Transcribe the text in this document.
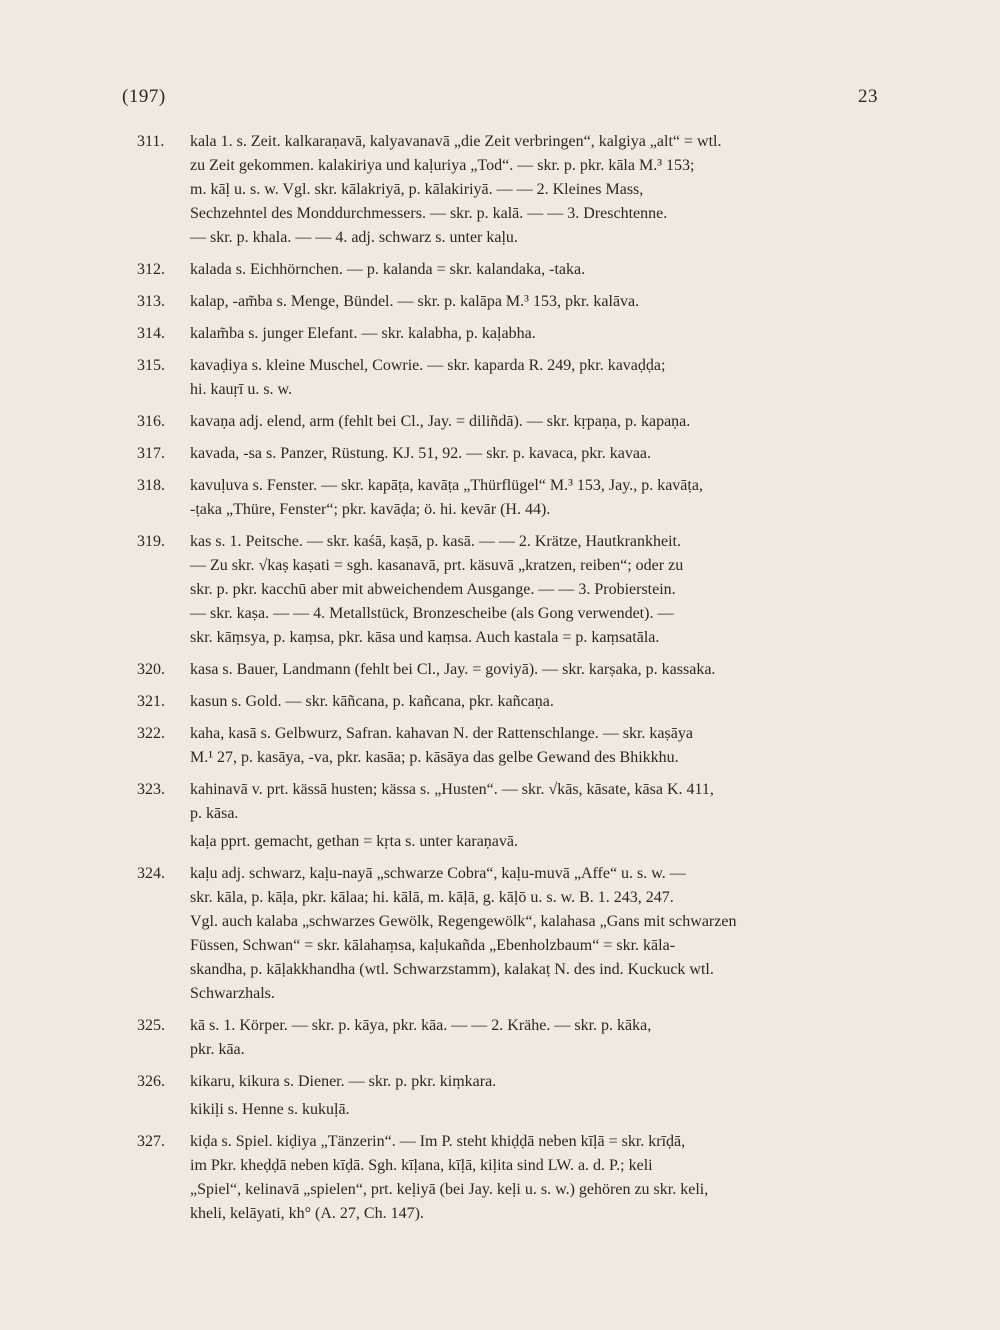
(197)	23
311.	kala 1. s. Zeit. kalkaraṇavā, kalyavanavā „die Zeit verbringen“, kalgiya „alt“ = wtl.
zu Zeit gekommen. kalakiriya und kaḷuriya „Tod“. — skr. p. pkr. kāla M.³ 153;
m. kāḷ u. s. w. Vgl. skr. kālakriyā, p. kālakiriyā. — — 2. Kleines Mass,
Sechzehntel des Monddurchmessers. — skr. p. kalā. — — 3. Dreschtenne.
— skr. p. khala. — — 4. adj. schwarz s. unter kaḷu.
312.	kalada s. Eichhörnchen. — p. kalanda = skr. kalandaka, -taka.
313.	kalap, -am̃ba s. Menge, Bündel. — skr. p. kalāpa M.³ 153, pkr. kalāva.
314.	kalam̃ba s. junger Elefant. — skr. kalabha, p. kaḷabha.
315.	kavaḍiya s. kleine Muschel, Cowrie. — skr. kaparda R. 249, pkr. kavaḍḍa;
hi. kauṛī u. s. w.
316.	kavaṇa adj. elend, arm (fehlt bei Cl., Jay. = diliñdā). — skr. kṛpaṇa, p. kapaṇa.
317.	kavada, -sa s. Panzer, Rüstung. KJ. 51, 92. — skr. p. kavaca, pkr. kavaa.
318.	kavuḷuva s. Fenster. — skr. kapāṭa, kavāṭa „Thürflügel“ M.³ 153, Jay., p. kavāṭa,
-ṭaka „Thüre, Fenster“; pkr. kavāḍa; ö. hi. kevār (H. 44).
319.	kas s. 1. Peitsche. — skr. kaśā, kaṣā, p. kasā. — — 2. Krätze, Hautkrankheit.
— Zu skr. √kaṣ kaṣati = sgh. kasanavā, prt. käsuvā „kratzen, reiben“; oder zu
skr. p. pkr. kacchū aber mit abweichendem Ausgange. — — 3. Probierstein.
— skr. kaṣa. — — 4. Metallstück, Bronzescheibe (als Gong verwendet). —
skr. kāṃsya, p. kaṃsa, pkr. kāsa und kaṃsa. Auch kastala = p. kaṃsatāla.
320.	kasa s. Bauer, Landmann (fehlt bei Cl., Jay. = goviyā). — skr. karṣaka, p. kassaka.
321.	kasun s. Gold. — skr. kāñcana, p. kañcana, pkr. kañcaṇa.
322.	kaha, kasā s. Gelbwurz, Safran. kahavan N. der Rattenschlange. — skr. kaṣāya
M.¹ 27, p. kasāya, -va, pkr. kasāa; p. kāsāya das gelbe Gewand des Bhikkhu.
323.	kahinavā v. prt. kässā husten; kässa s. „Husten“. — skr. √kās, kāsate, kāsa K. 411,
p. kāsa.
kaḷa pprt. gemacht, gethan = kṛta s. unter karaṇavā.
324.	kaḷu adj. schwarz, kaḷu-nayā „schwarze Cobra“, kaḷu-muvā „Affe“ u. s. w. —
skr. kāla, p. kāḷa, pkr. kālaa; hi. kālā, m. kāḷā, g. kāḷō u. s. w. B. 1. 243, 247.
Vgl. auch kalaba „schwarzes Gewölk, Regengewölk“, kalahasa „Gans mit schwarzen
Füssen, Schwan“ = skr. kālahaṃsa, kaḷukañda „Ebenholzbaum“ = skr. kāla-
skandha, p. kāḷakkhandha (wtl. Schwarzstamm), kalakaṭ N. des ind. Kuckuck wtl.
Schwarzhals.
325.	kā s. 1. Körper. — skr. p. kāya, pkr. kāa. — — 2. Krähe. — skr. p. kāka,
pkr. kāa.
326.	kikaru, kikura s. Diener. — skr. p. pkr. kiṃkara.
kikiḷi s. Henne s. kukuḷā.
327.	kiḍa s. Spiel. kiḍiya „Tänzerin“. — Im P. steht khiḍḍā neben kīḷā = skr. krīḍā,
im Pkr. kheḍḍā neben kīḍā. Sgh. kīḷana, kīḷā, kiḷita sind LW. a. d. P.; keli
„Spiel“, kelinavā „spielen“, prt. keḷiyā (bei Jay. keḷi u. s. w.) gehören zu skr. keli,
kheli, kelāyati, kh° (A. 27, Ch. 147).
